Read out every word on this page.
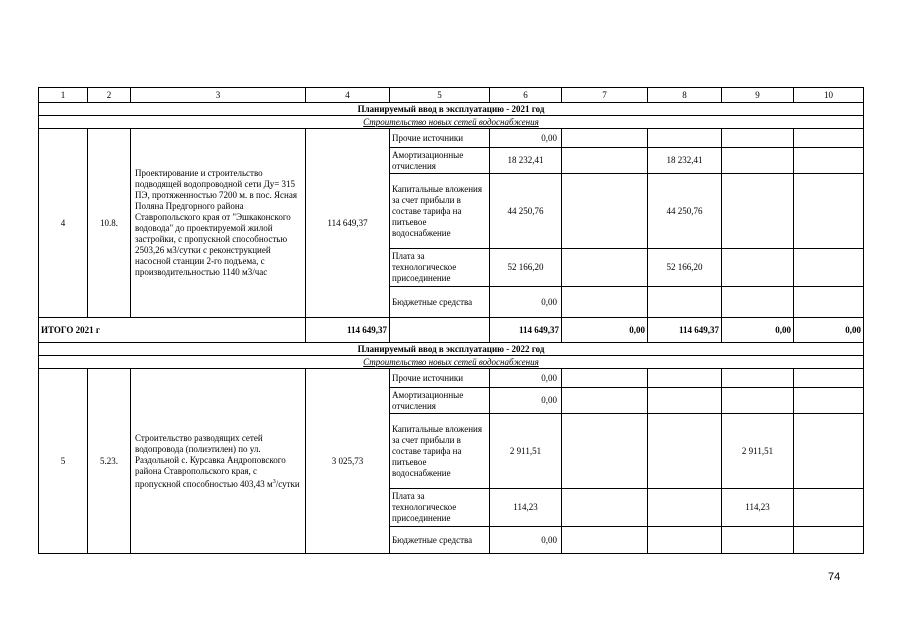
1	2	3	4	5	6	7	8	9	10
Планируемый ввод в эксплуатацию - 2021 год									
Строительство новых сетей водоснабжения									
4	10.8.	Проектирование и строительство подводящей водопроводной сети Ду= 315 ПЭ, протяженностью 7200 м. в пос. Ясная Поляна Предгорного района Ставропольского края от "Эшкаконского водовода" до проектируемой жилой застройки, с пропускной способностью 2503,26 м3/сутки с реконструкцией насосной станции 2-го подъема, с производительностью 1140 м3/час	114 649,37	Прочие источники	0,00				
				Амортизационные отчисления	18 232,41		18 232,41		
				Капитальные вложения за счет прибыли в составе тарифа на питьевое водоснабжение	44 250,76		44 250,76		
				Плата за технологическое присоединение	52 166,20		52 166,20		
				Бюджетные средства	0,00				
ИТОГО 2021 г			114 649,37		114 649,37	0,00	114 649,37	0,00	0,00
Планируемый ввод в эксплуатацию - 2022 год									
Строительство новых сетей водоснабжения									
5	5.23.	Строительство разводящих сетей водопровода (полиэтилен) по ул. Раздольной с. Курсавка Андроповского района Ставропольского края, с пропускной способностью 403,43 $м^3$/сутки	3 025,73	Прочие источники	0,00				
				Амортизационные отчисления	0,00				
				Капитальные вложения за счет прибыли в составе тарифа на питьевое водоснабжение	2 911,51			2 911,51	
				Плата за технологическое присоединение	114,23			114,23	
				Бюджетные средства	0,00				
74
